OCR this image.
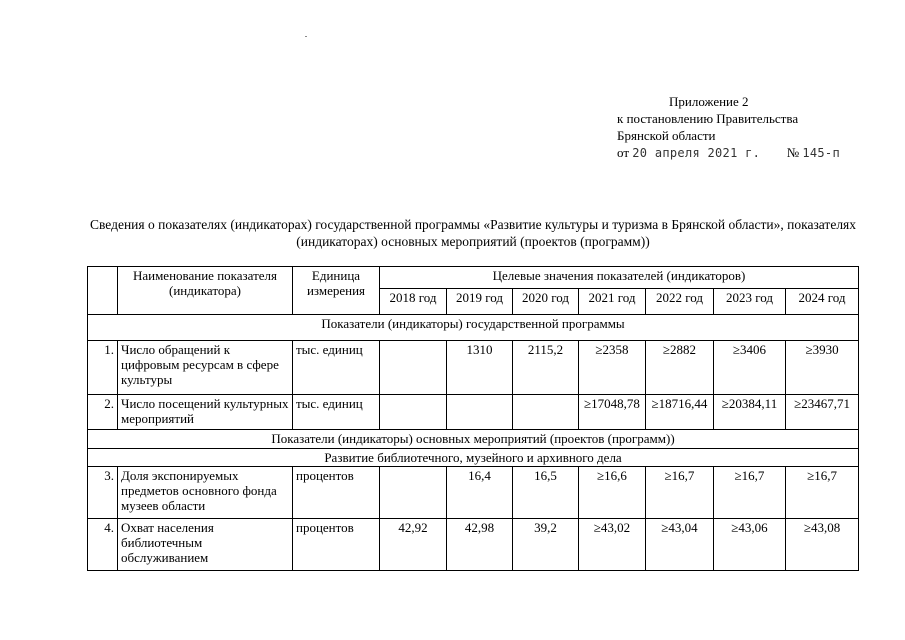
Приложение 2
к постановлению Правительства
Брянской области
от 20 апреля 2021 г. № 145-п
Сведения о показателях (индикаторах) государственной программы «Развитие культуры и туризма в Брянской области», показателях (индикаторах) основных мероприятий (проектов (программ))
	Наименование показателя (индикатора)	Единица измерения	Целевые значения показателей (индикаторов)						
			2018 год	2019 год	2020 год	2021 год	2022 год	2023 год	2024 год
Показатели (индикаторы) государственной программы									
1.	Число обращений к цифровым ресурсам в сфере культуры	тыс. единиц		1310	2115,2	≥2358	≥2882	≥3406	≥3930
2.	Число посещений культурных мероприятий	тыс. единиц				≥17048,78	≥18716,44	≥20384,11	≥23467,71
Показатели (индикаторы) основных мероприятий (проектов (программ))									
Развитие библиотечного, музейного и архивного дела									
3.	Доля экспонируемых предметов основного фонда музеев области	процентов		16,4	16,5	≥16,6	≥16,7	≥16,7	≥16,7
4.	Охват населения библиотечным обслуживанием	процентов	42,92	42,98	39,2	≥43,02	≥43,04	≥43,06	≥43,08
